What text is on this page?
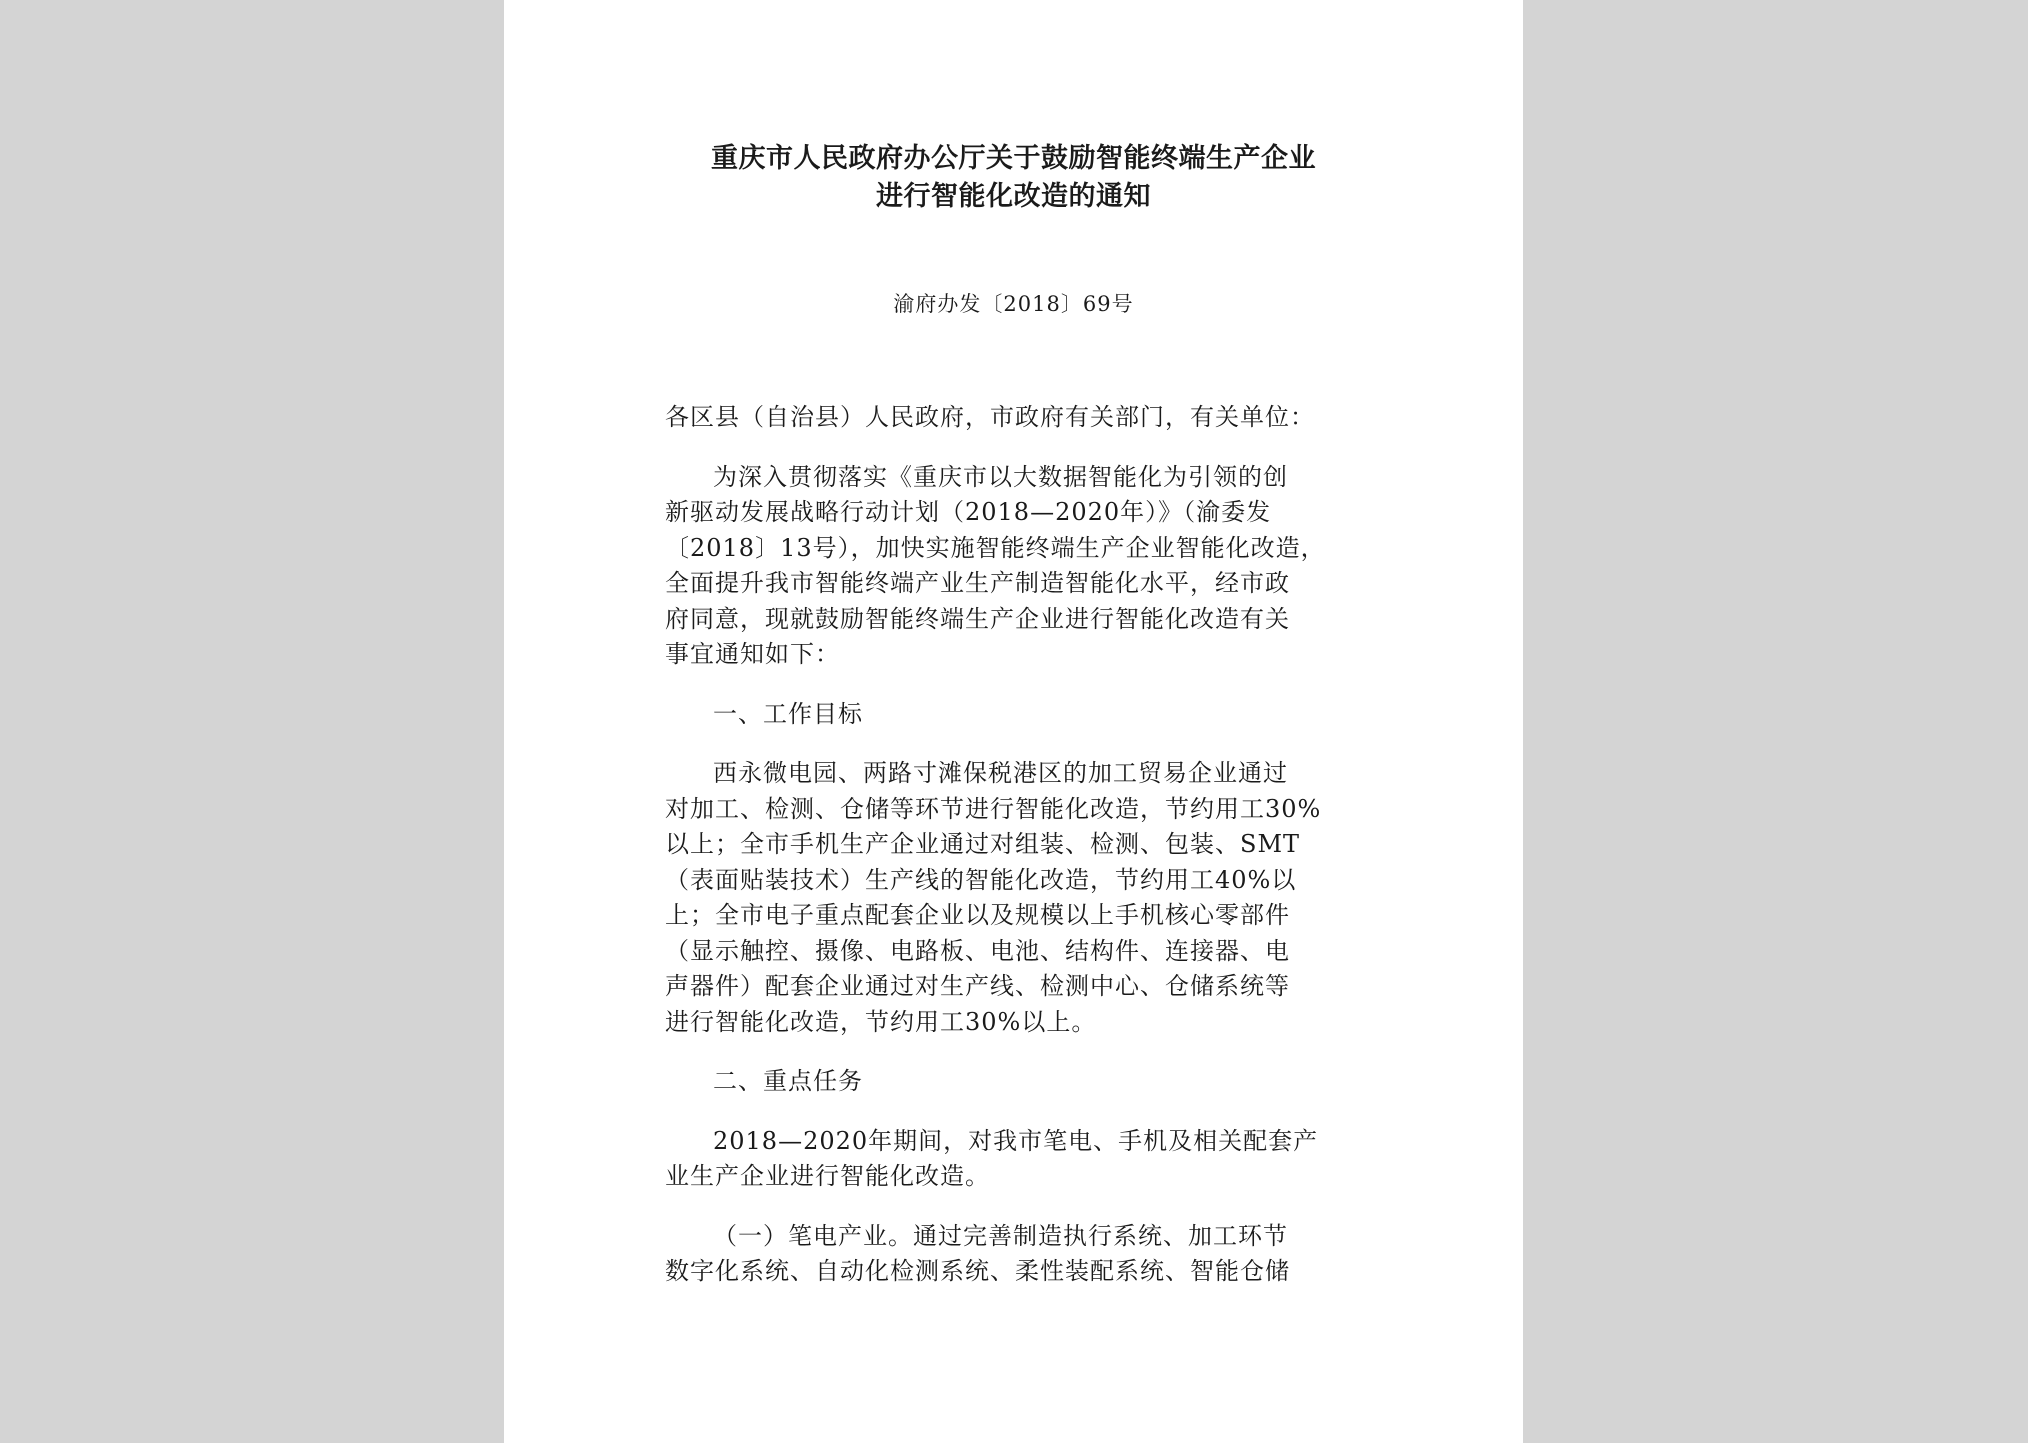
重庆市人民政府办公厅关于鼓励智能终端生产企业
进行智能化改造的通知

渝府办发〔2018〕69号

各区县（自治县）人民政府，市政府有关部门，有关单位：

为深入贯彻落实《重庆市以大数据智能化为引领的创
新驱动发展战略行动计划（2018—2020年）》（渝委发
〔2018〕13号），加快实施智能终端生产企业智能化改造，
全面提升我市智能终端产业生产制造智能化水平，经市政
府同意，现就鼓励智能终端生产企业进行智能化改造有关
事宜通知如下：

一、工作目标

西永微电园、两路寸滩保税港区的加工贸易企业通过
对加工、检测、仓储等环节进行智能化改造，节约用工30%
以上；全市手机生产企业通过对组装、检测、包装、SMT
（表面贴装技术）生产线的智能化改造，节约用工40%以
上；全市电子重点配套企业以及规模以上手机核心零部件
（显示触控、摄像、电路板、电池、结构件、连接器、电
声器件）配套企业通过对生产线、检测中心、仓储系统等
进行智能化改造，节约用工30%以上。

二、重点任务

2018—2020年期间，对我市笔电、手机及相关配套产
业生产企业进行智能化改造。

（一）笔电产业。通过完善制造执行系统、加工环节
数字化系统、自动化检测系统、柔性装配系统、智能仓储
